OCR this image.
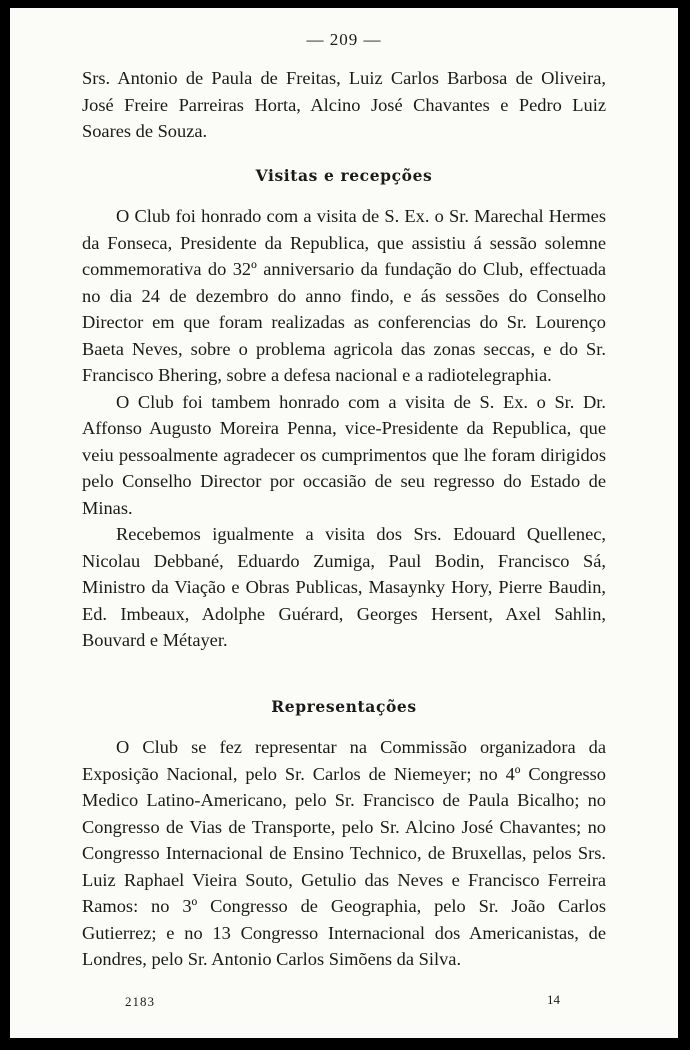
— 209 —

Srs. Antonio de Paula de Freitas, Luiz Carlos Barbosa de Oliveira, José Freire Parreiras Horta, Alcino José Chavantes e Pedro Luiz Soares de Souza.

Visitas e recepções

O Club foi honrado com a visita de S. Ex. o Sr. Marechal Hermes da Fonseca, Presidente da Republica, que assistiu á sessão solemne commemorativa do 32º anniversario da fundação do Club, effectuada no dia 24 de dezembro do anno findo, e ás sessões do Conselho Director em que foram realizadas as conferencias do Sr. Lourenço Baeta Neves, sobre o problema agricola das zonas seccas, e do Sr. Francisco Bhering, sobre a defesa nacional e a radiotelegraphia.

O Club foi tambem honrado com a visita de S. Ex. o Sr. Dr. Affonso Augusto Moreira Penna, vice-Presidente da Republica, que veiu pessoalmente agradecer os cumprimentos que lhe foram dirigidos pelo Conselho Director por occasião de seu regresso do Estado de Minas.

Recebemos igualmente a visita dos Srs. Edouard Quellenec, Nicolau Debbané, Eduardo Zumiga, Paul Bodin, Francisco Sá, Ministro da Viação e Obras Publicas, Masaynky Hory, Pierre Baudin, Ed. Imbeaux, Adolphe Guérard, Georges Hersent, Axel Sahlin, Bouvard e Métayer.

Representações

O Club se fez representar na Commissão organizadora da Exposição Nacional, pelo Sr. Carlos de Niemeyer; no 4º Congresso Medico Latino-Americano, pelo Sr. Francisco de Paula Bicalho; no Congresso de Vias de Transporte, pelo Sr. Alcino José Chavantes; no Congresso Internacional de Ensino Technico, de Bruxellas, pelos Srs. Luiz Raphael Vieira Souto, Getulio das Neves e Francisco Ferreira Ramos: no 3º Congresso de Geographia, pelo Sr. João Carlos Gutierrez; e no 13 Congresso Internacional dos Americanistas, de Londres, pelo Sr. Antonio Carlos Simõens da Silva.

2183	14
